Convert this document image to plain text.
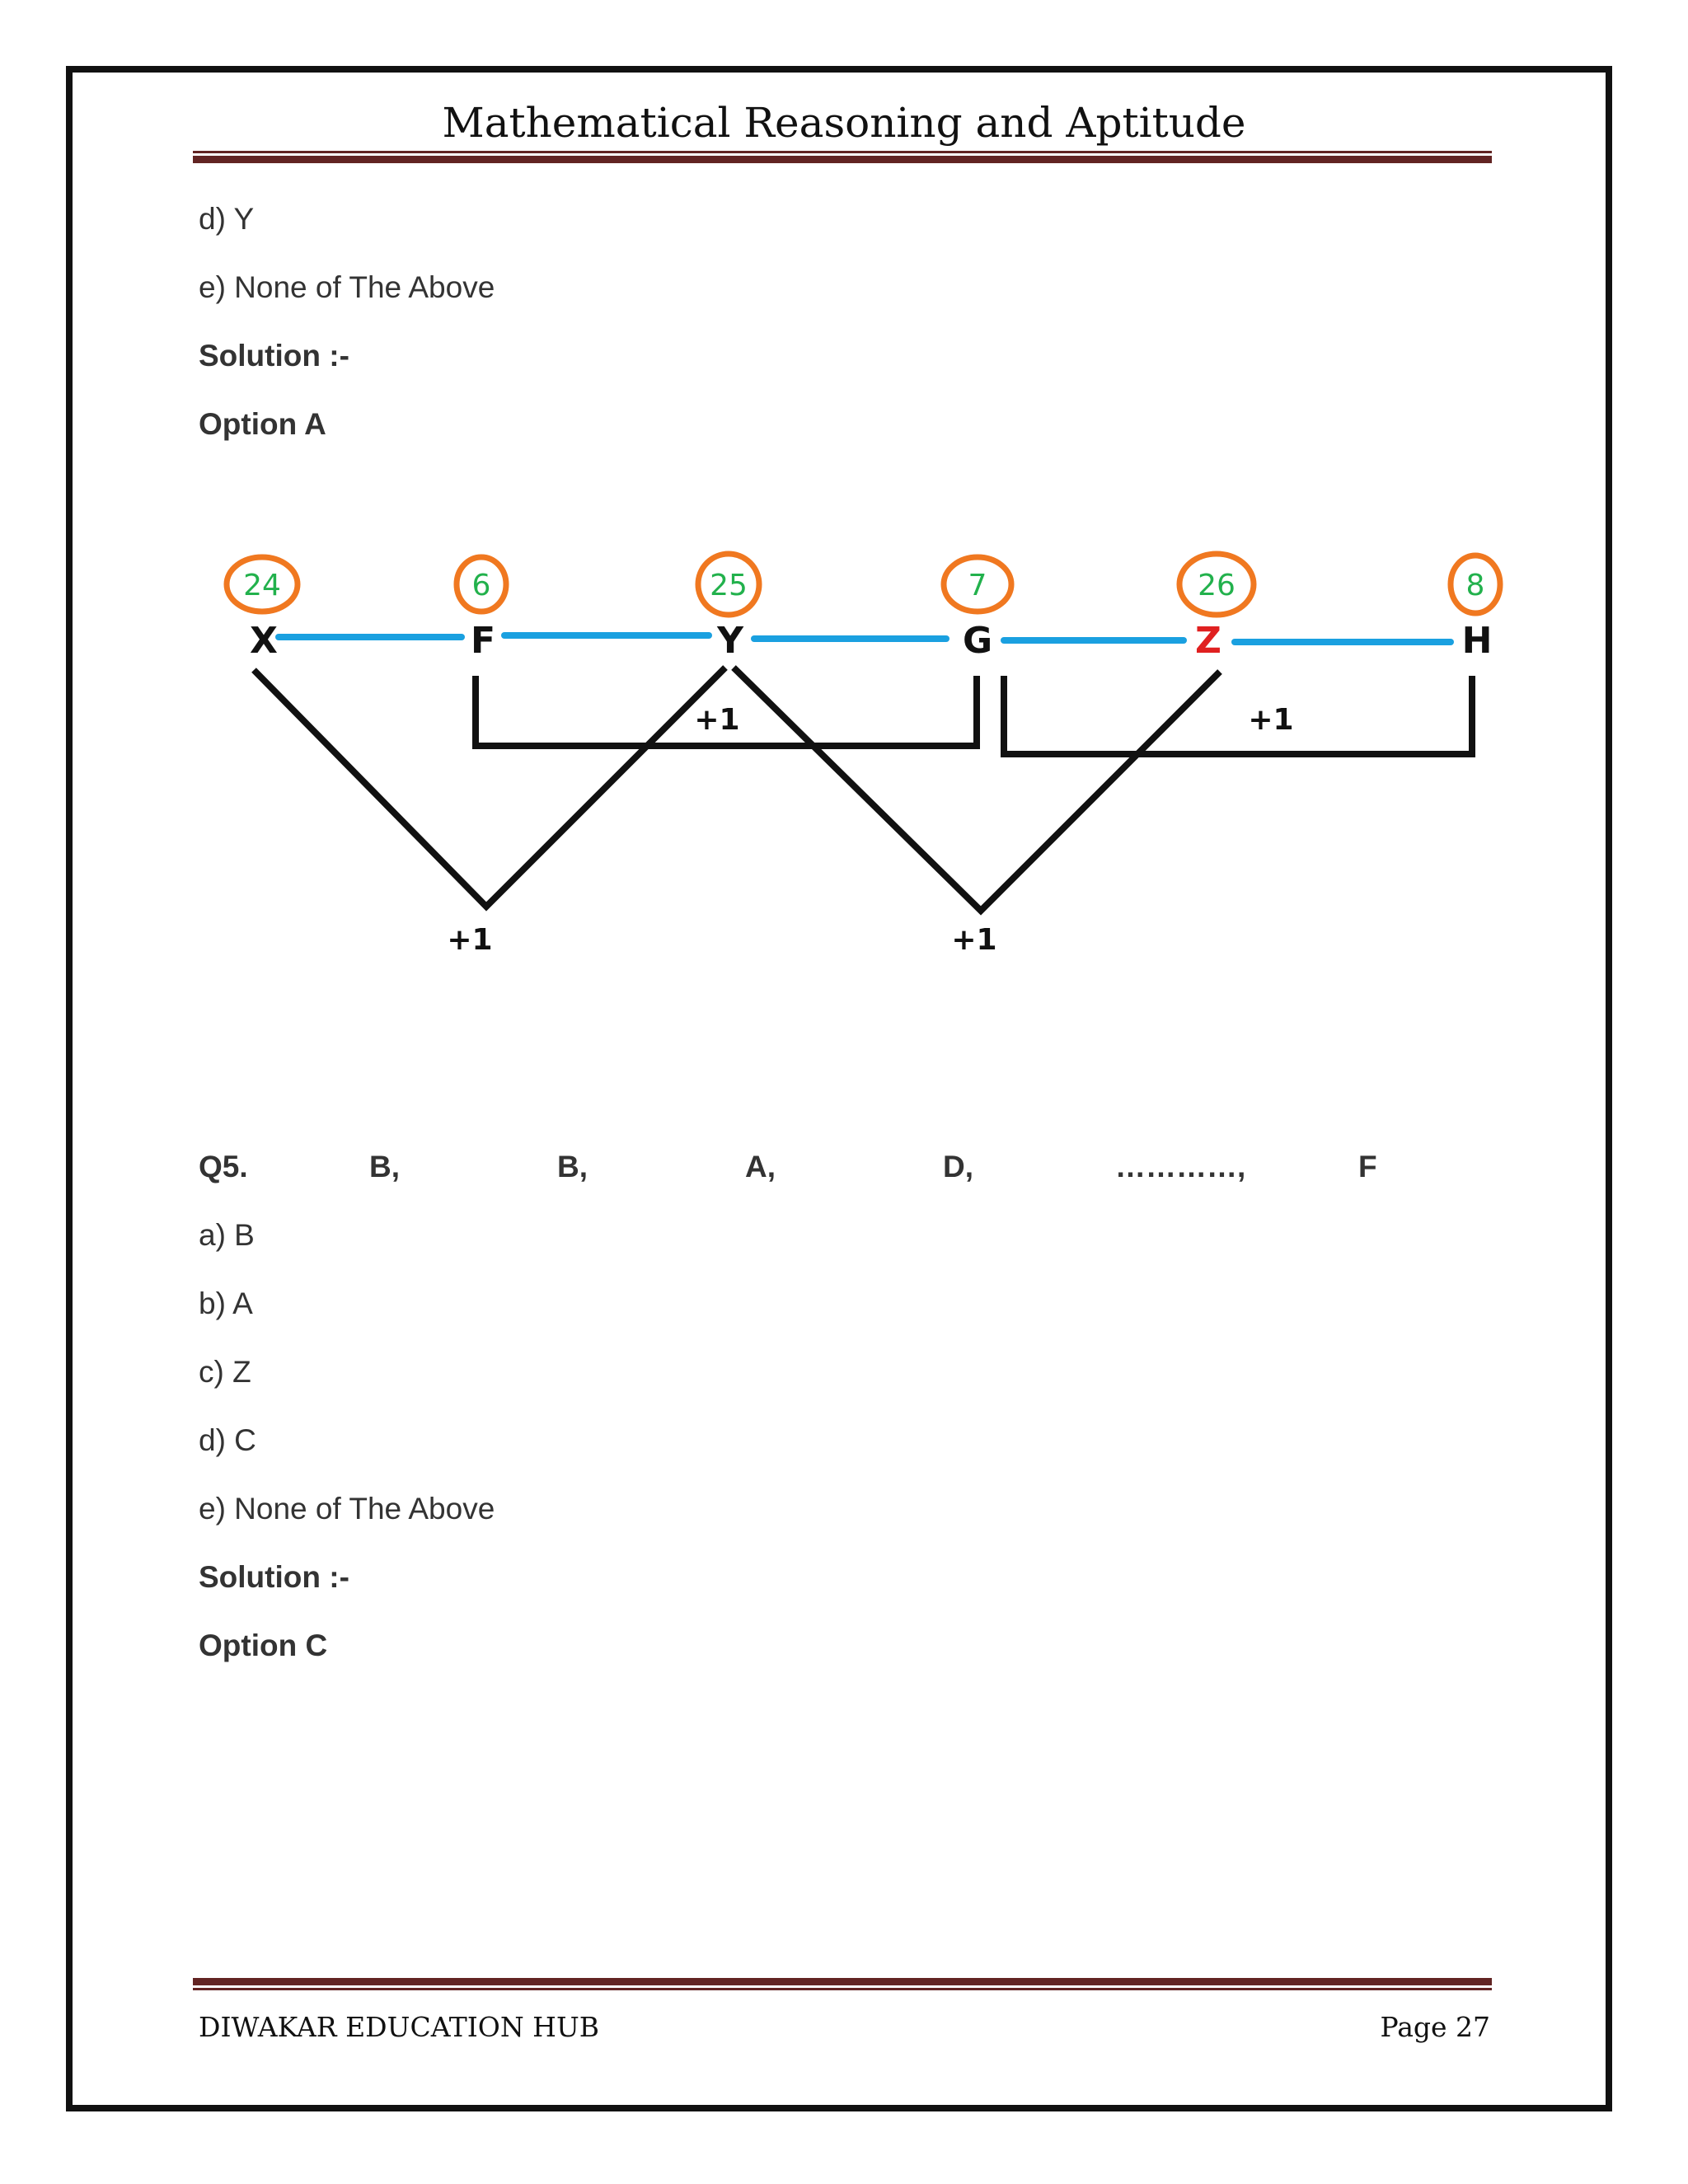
Mathematical Reasoning and Aptitude
d) Y
e) None of The Above
Solution :-
Option A
24	6	25	7	26	8
X	F	Y	G	Z	H
+1	+1
+1	+1
Q5.	B,	B,	A,	D,	…………,	F
a) B
b) A
c) Z
d) C
e) None of The Above
Solution :-
Option C
DIWAKAR EDUCATION HUB	Page 27
